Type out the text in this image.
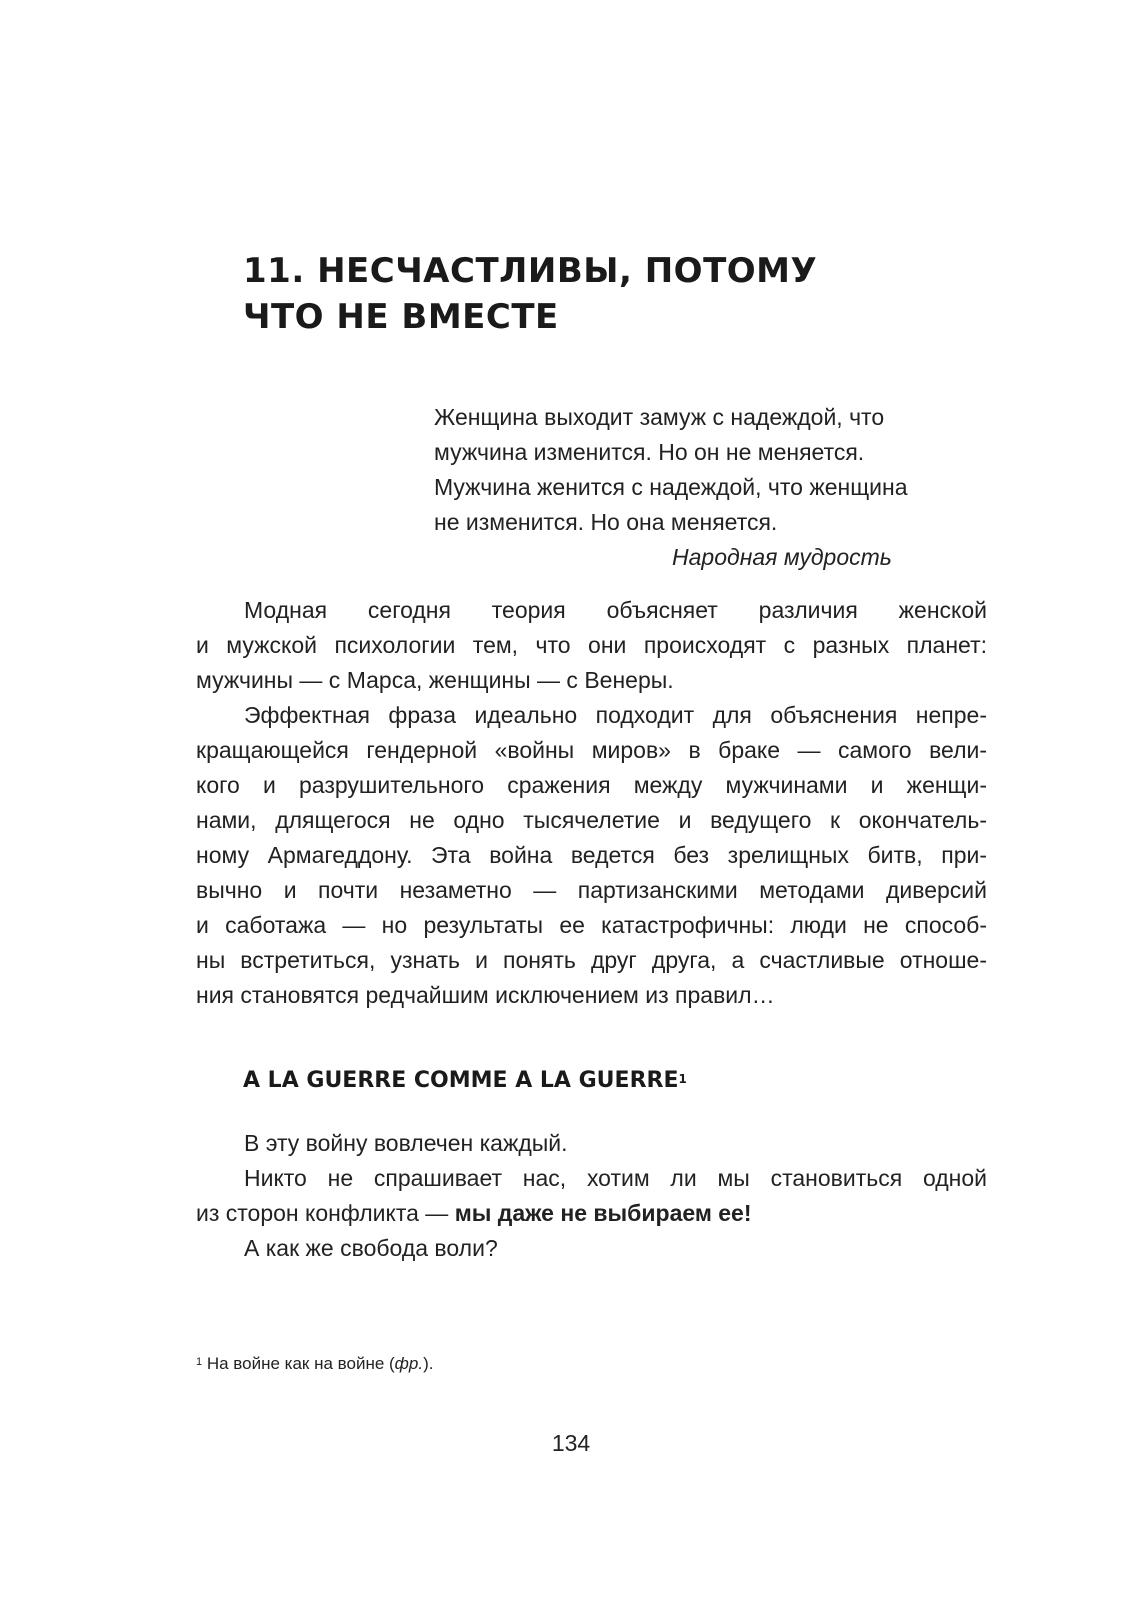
11. НЕСЧАСТЛИВЫ, ПОТОМУ
ЧТО НЕ ВМЕСТЕ
Женщина выходит замуж с надеждой, что
мужчина изменится. Но он не меняется.
Мужчина женится с надеждой, что женщина
не изменится. Но она меняется.
Народная мудрость

Модная сегодня теория объясняет различия женской
и мужской психологии тем, что они происходят с разных планет:
мужчины — с Марса, женщины — с Венеры.

Эффектная фраза идеально подходит для объяснения непре-
кращающейся гендерной «войны миров» в браке — самого вели-
кого и разрушительного сражения между мужчинами и женщи-
нами, длящегося не одно тысячелетие и ведущего к окончатель-
ному Армагеддону. Эта война ведется без зрелищных битв, при-
вычно и почти незаметно — партизанскими методами диверсий
и саботажа — но результаты ее катастрофичны: люди не способ-
ны встретиться, узнать и понять друг друга, а счастливые отноше-
ния становятся редчайшим исключением из правил…

A LA GUERRE COMME A LA GUERRE$^1$

В эту войну вовлечен каждый.

Никто не спрашивает нас, хотим ли мы становиться одной
из сторон конфликта — мы даже не выбираем ее!

А как же свобода воли?

$^1$ На войне как на войне (фр.).
134
